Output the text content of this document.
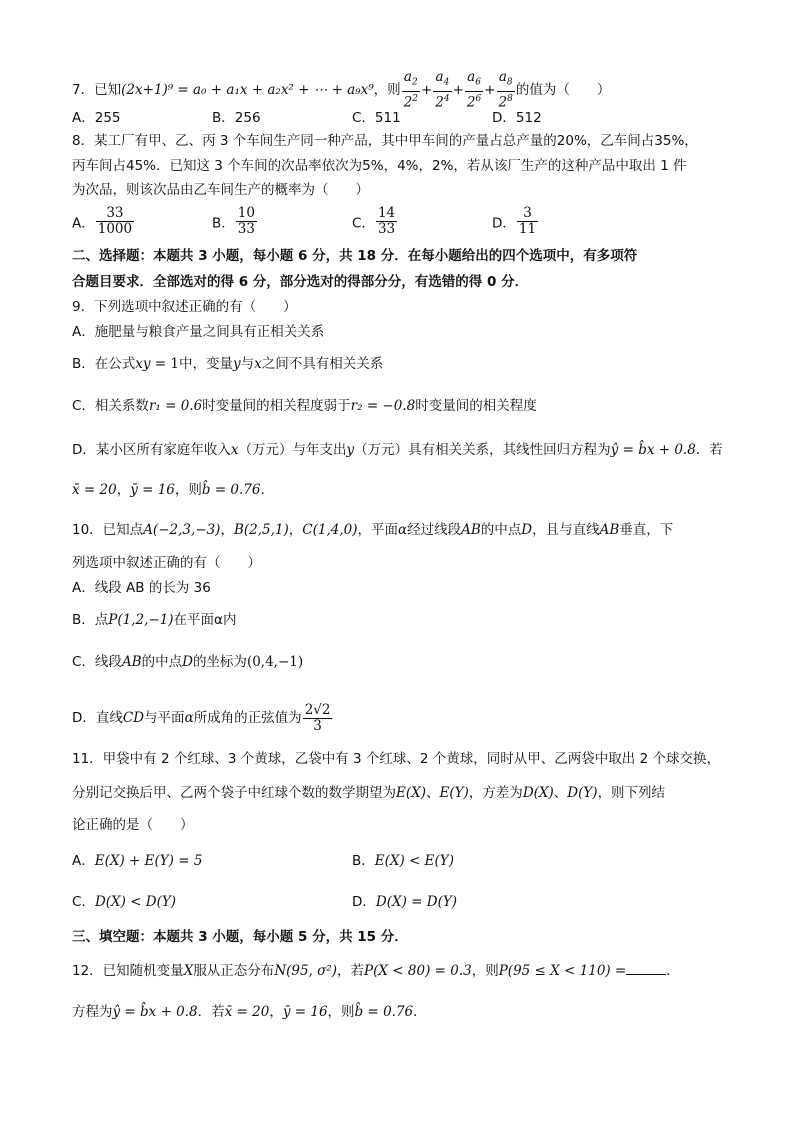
7．已知(2x+1)⁹ = a₀ + a₁x + a₂x² + ⋯ + a₉x⁹，则 $\frac{a_2}{2^2} + \frac{a_4}{2^4} + \frac{a_6}{2^6} + \frac{a_8}{2^8}$ 的值为（　　）
A．255	B．256	C．511	D．512
8．某工厂有甲、乙、丙 3 个车间生产同一种产品，其中甲车间的产量占总产量的20%，乙车间占35%，
丙车间占45%．已知这 3 个车间的次品率依次为5%，4%，2%，若从该厂生产的这种产品中取出 1 件
为次品，则该次品由乙车间生产的概率为（　　）
A． $\frac{33}{1000}$	B． $\frac{10}{33}$	C． $\frac{14}{33}$	D． $\frac{3}{11}$
二、选择题：本题共 3 小题，每小题 6 分，共 18 分．在每小题给出的四个选项中，有多项符
合题目要求．全部选对的得 6 分，部分选对的得部分分，有选错的得 0 分．
9．下列选项中叙述正确的有（　　）
A．施肥量与粮食产量之间具有正相关关系
B．在公式xy = 1中，变量y与x之间不具有相关关系
C．相关系数r₁ = 0.6时变量间的相关程度弱于r₂ = −0.8时变量间的相关程度
D．某小区所有家庭年收入x（万元）与年支出y（万元）具有相关关系，其线性回归方程为ŷ = b̂x + 0.8．若
x̄ = 20，ȳ = 16，则b̂ = 0.76．
10．已知点A(−2,3,−3)，B(2,5,1)，C(1,4,0)，平面α经过线段AB的中点D，且与直线AB垂直，下
列选项中叙述正确的有（　　）
A．线段 AB 的长为 36
B．点P(1,2,−1)在平面α内
C．线段AB的中点D的坐标为(0,4,−1)
D．直线CD与平面α所成角的正弦值为 $\frac{2√2}{3}$
11．甲袋中有 2 个红球、3 个黄球，乙袋中有 3 个红球、2 个黄球，同时从甲、乙两袋中取出 2 个球交换，
分别记交换后甲、乙两个袋子中红球个数的数学期望为E(X)、E(Y)，方差为D(X)、D(Y)，则下列结
论正确的是（　　）
A．E(X) + E(Y) = 5	B．E(X) < E(Y)
C．D(X) < D(Y)	D．D(X) = D(Y)
三、填空题：本题共 3 小题，每小题 5 分，共 15 分．
12．已知随机变量X服从正态分布N(95, σ²)，若P(X < 80) = 0.3，则P(95 ≤ X < 110) =	．
方程为ŷ = b̂x + 0.8．若x̄ = 20，ȳ = 16，则b̂ = 0.76．
